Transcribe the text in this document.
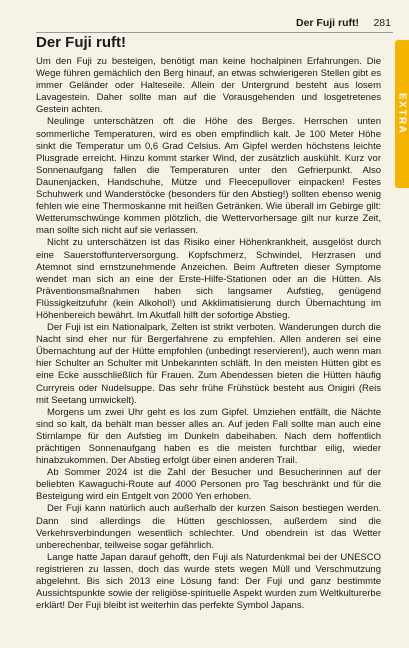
Der Fuji ruft! 281
EXTRA
Der Fuji ruft!

Um den Fuji zu besteigen, benötigt man keine hochalpinen Erfahrungen. Die Wege führen gemächlich den Berg hinauf, an etwas schwierigeren Stellen gibt es immer Geländer oder Halteseile. Allein der Untergrund besteht aus losem Lavagestein. Daher sollte man auf die Vorausgehenden und losgetretenes Gestein achten.

Neulinge unterschätzen oft die Höhe des Berges. Herrschen unten sommerliche Temperaturen, wird es oben empfindlich kalt. Je 100 Meter Höhe sinkt die Temperatur um 0,6 Grad Celsius. Am Gipfel werden höchstens leichte Plusgrade erreicht. Hinzu kommt starker Wind, der zusätzlich auskühlt. Kurz vor Sonnenaufgang fallen die Temperaturen unter den Gefrierpunkt. Also Daunenjacken, Handschuhe, Mütze und Fleecepullover einpacken! Festes Schuhwerk und Wanderstöcke (besonders für den Abstieg!) sollten ebenso wenig fehlen wie eine Thermoskanne mit heißen Getränken. Wie überall im Gebirge gilt: Wetterumschwünge kommen plötzlich, die Wettervorhersage gilt nur kurze Zeit, man sollte sich nicht auf sie verlassen.

Nicht zu unterschätzen ist das Risiko einer Höhenkrankheit, ausgelöst durch eine Sauerstoffunterversorgung. Kopfschmerz, Schwindel, Herzrasen und Atemnot sind ernstzunehmende Anzeichen. Beim Auftreten dieser Symptome wendet man sich an eine der Erste-Hilfe-Stationen oder an die Hütten. Als Präventionsmaßnahmen haben sich langsamer Aufstieg, genügend Flüssigkeitzufuhr (kein Alkohol!) und Akklimatisierung durch Übernachtung im Höhenbereich bewährt. Im Akutfall hilft der sofortige Abstieg.

Der Fuji ist ein Nationalpark, Zelten ist strikt verboten. Wanderungen durch die Nacht sind eher nur für Bergerfahrene zu empfehlen. Allen anderen sei eine Übernachtung auf der Hütte empfohlen (unbedingt reservieren!), auch wenn man hier Schulter an Schulter mit Unbekannten schläft. In den meisten Hütten gibt es eine Ecke ausschließlich für Frauen. Zum Abendessen bieten die Hütten häufig Curryreis oder Nudelsuppe. Das sehr frühe Frühstück besteht aus Onigiri (Reis mit Seetang umwickelt).

Morgens um zwei Uhr geht es los zum Gipfel. Umziehen entfällt, die Nächte sind so kalt, da behält man besser alles an. Auf jeden Fall sollte man auch eine Stirnlampe für den Aufstieg im Dunkeln dabeihaben. Nach dem hoffentlich prächtigen Sonnenaufgang haben es die meisten furchtbar eilig, wieder hinabzukommen. Der Abstieg erfolgt über einen anderen Trail.

Ab Sommer 2024 ist die Zahl der Besucher und Besucherinnen auf der beliebten Kawaguchi-Route auf 4000 Personen pro Tag beschränkt und für die Besteigung wird ein Entgelt von 2000 Yen erhoben.

Der Fuji kann natürlich auch außerhalb der kurzen Saison bestiegen werden. Dann sind allerdings die Hütten geschlossen, außerdem sind die Verkehrsverbindungen wesentlich schlechter. Und obendrein ist das Wetter unberechenbar, teilweise sogar gefährlich.

Lange hatte Japan darauf gehofft, den Fuji als Naturdenkmal bei der UNESCO registrieren zu lassen, doch das wurde stets wegen Müll und Verschmutzung abgelehnt. Bis sich 2013 eine Lösung fand: Der Fuji und ganz bestimmte Aussichtspunkte sowie der religiöse-spirituelle Aspekt wurden zum Weltkulturerbe erklärt! Der Fuji bleibt ist weiterhin das perfekte Symbol Japans.
